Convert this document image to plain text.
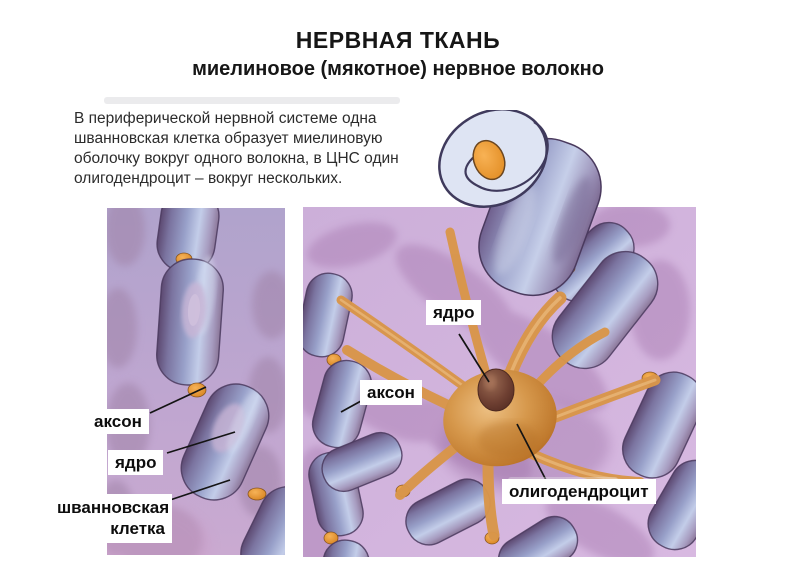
НЕРВНАЯ ТКАНЬ
миелиновое (мякотное) нервное волокно
В периферической нервной системе одна
шванновская клетка образует миелиновую
оболочку вокруг одного волокна, в ЦНС один
олигодендроцит – вокруг нескольких.
аксон
ядро
шванновская клетка
ядро
аксон
олигодендроцит
